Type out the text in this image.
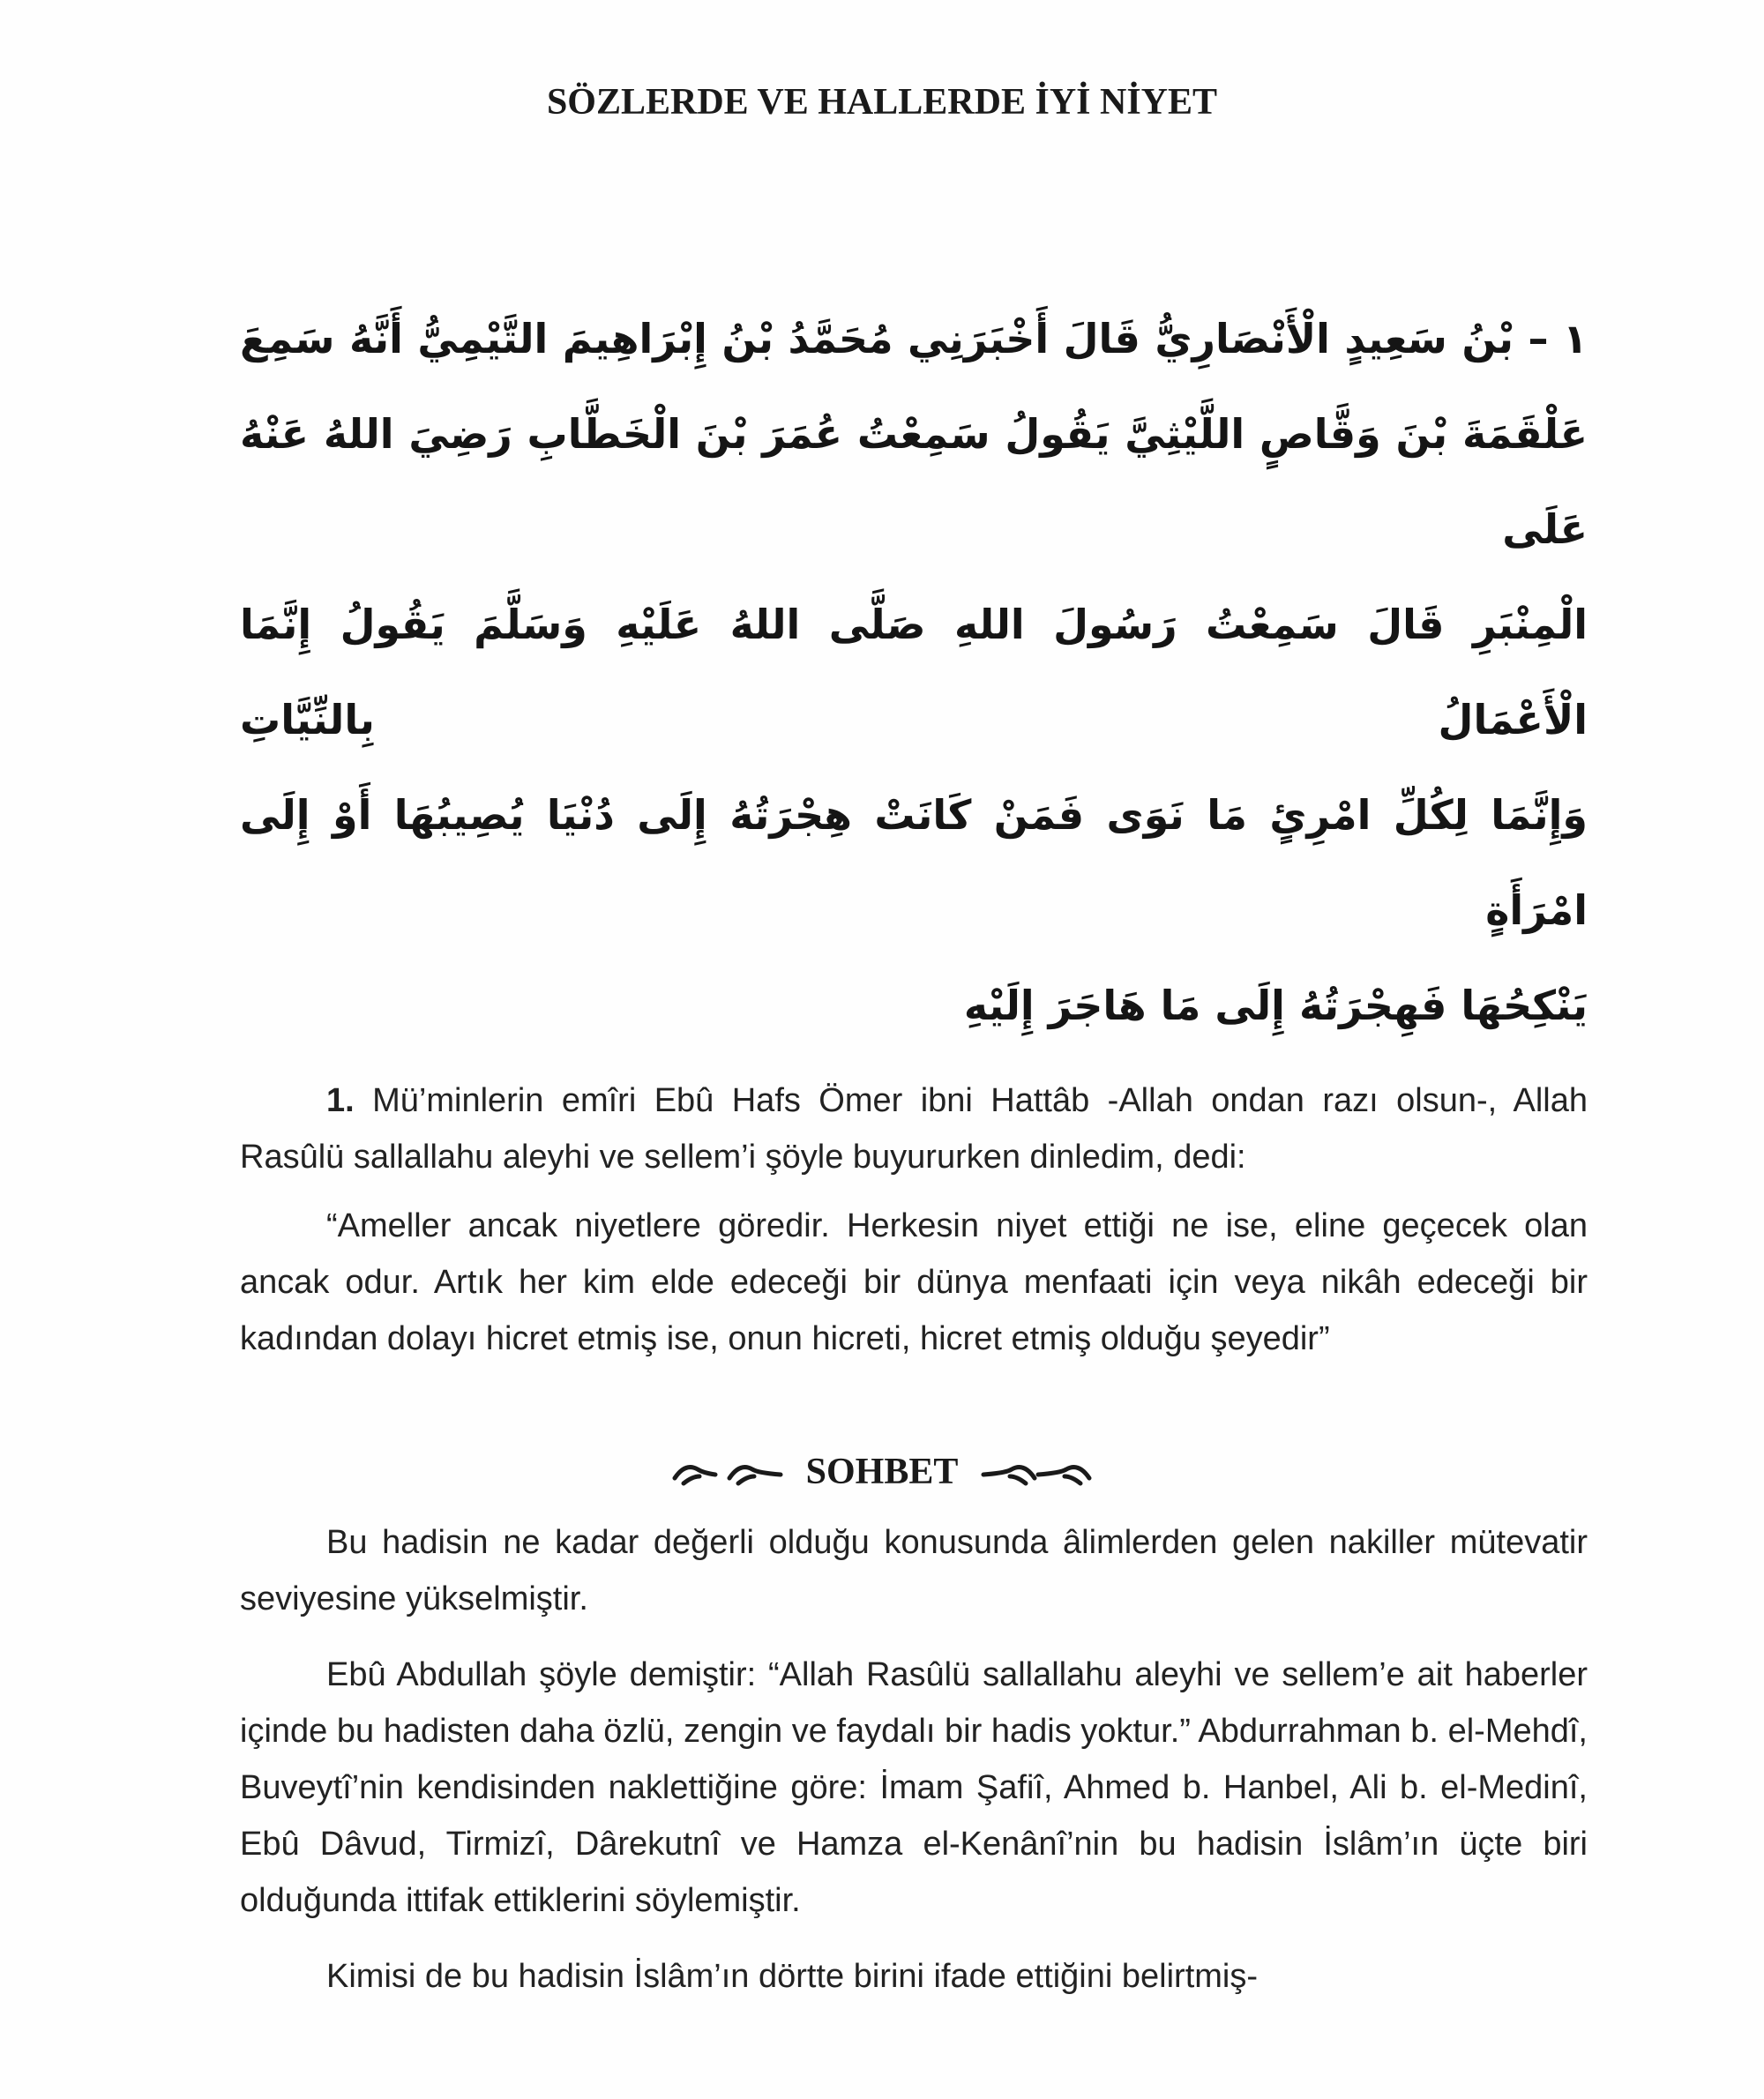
SÖZLERDE VE HALLERDE İYİ NİYET
١ – بْنُ سَعِيدٍ الْأَنْصَارِيُّ قَالَ أَخْبَرَنِي مُحَمَّدُ بْنُ إِبْرَاهِيمَ التَّيْمِيُّ أَنَّهُ سَمِعَ
عَلْقَمَةَ بْنَ وَقَّاصٍ اللَّيْثِيَّ يَقُولُ سَمِعْتُ عُمَرَ بْنَ الْخَطَّابِ رَضِيَ اللهُ عَنْهُ عَلَى
الْمِنْبَرِ قَالَ سَمِعْتُ رَسُولَ اللهِ صَلَّى اللهُ عَلَيْهِ وَسَلَّمَ يَقُولُ إِنَّمَا الْأَعْمَالُ بِالنِّيَّاتِ
وَإِنَّمَا لِكُلِّ امْرِئٍ مَا نَوَى فَمَنْ كَانَتْ هِجْرَتُهُ إِلَى دُنْيَا يُصِيبُهَا أَوْ إِلَى امْرَأَةٍ
يَنْكِحُهَا فَهِجْرَتُهُ إِلَى مَا هَاجَرَ إِلَيْهِ

1. Mü’minlerin emîri Ebû Hafs Ömer ibni Hattâb -Allah ondan razı olsun-, Allah Rasûlü sallallahu aleyhi ve sellem’i şöyle buyururken dinledim, dedi:

“Ameller ancak niyetlere göredir. Herkesin niyet ettiği ne ise, eline geçecek olan ancak odur. Artık her kim elde edeceği bir dünya menfaati için veya nikâh edeceği bir kadından dolayı hicret etmiş ise, onun hicreti, hicret etmiş olduğu şeyedir”

SOHBET

Bu hadisin ne kadar değerli olduğu konusunda âlimlerden gelen nakiller mütevatir seviyesine yükselmiştir.

Ebû Abdullah şöyle demiştir: “Allah Rasûlü sallallahu aleyhi ve sellem’e ait haberler içinde bu hadisten daha özlü, zengin ve faydalı bir hadis yoktur.” Abdurrahman b. el-Mehdî, Buveytî’nin kendisinden naklettiğine göre: İmam Şafiî, Ahmed b. Hanbel, Ali b. el-Medinî, Ebû Dâvud, Tirmizî, Dârekutnî ve Hamza el-Kenânî’nin bu hadisin İslâm’ın üçte biri olduğunda ittifak ettiklerini söylemiştir.

Kimisi de bu hadisin İslâm’ın dörtte birini ifade ettiğini belirtmiş-
